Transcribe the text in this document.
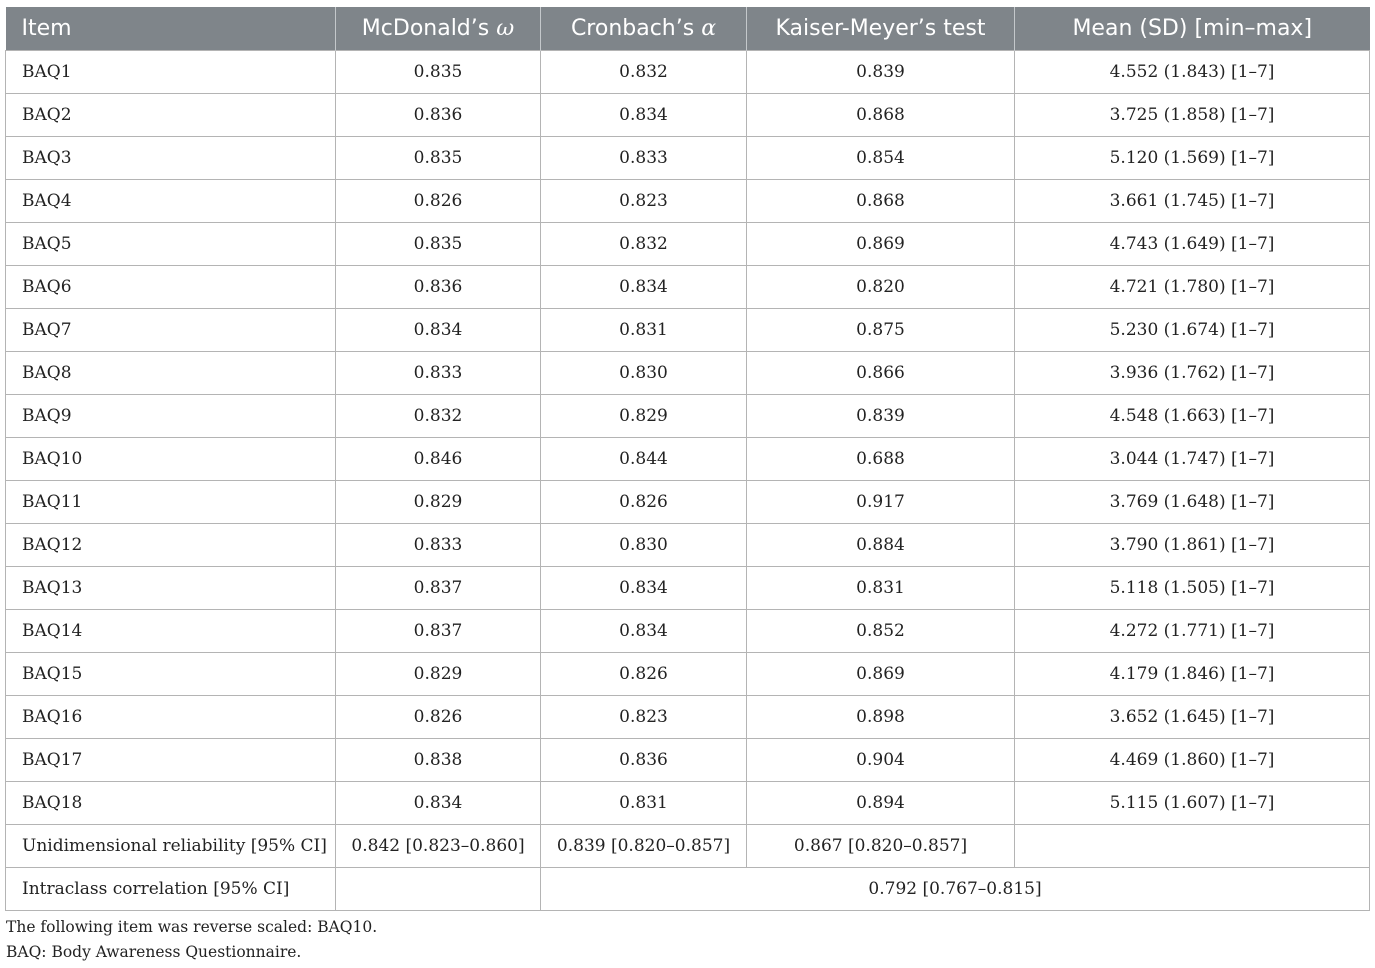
Item	McDonald’s ω	Cronbach’s α	Kaiser-Meyer’s test	Mean (SD) [min–max]
BAQ1	0.835	0.832	0.839	4.552 (1.843) [1–7]
BAQ2	0.836	0.834	0.868	3.725 (1.858) [1–7]
BAQ3	0.835	0.833	0.854	5.120 (1.569) [1–7]
BAQ4	0.826	0.823	0.868	3.661 (1.745) [1–7]
BAQ5	0.835	0.832	0.869	4.743 (1.649) [1–7]
BAQ6	0.836	0.834	0.820	4.721 (1.780) [1–7]
BAQ7	0.834	0.831	0.875	5.230 (1.674) [1–7]
BAQ8	0.833	0.830	0.866	3.936 (1.762) [1–7]
BAQ9	0.832	0.829	0.839	4.548 (1.663) [1–7]
BAQ10	0.846	0.844	0.688	3.044 (1.747) [1–7]
BAQ11	0.829	0.826	0.917	3.769 (1.648) [1–7]
BAQ12	0.833	0.830	0.884	3.790 (1.861) [1–7]
BAQ13	0.837	0.834	0.831	5.118 (1.505) [1–7]
BAQ14	0.837	0.834	0.852	4.272 (1.771) [1–7]
BAQ15	0.829	0.826	0.869	4.179 (1.846) [1–7]
BAQ16	0.826	0.823	0.898	3.652 (1.645) [1–7]
BAQ17	0.838	0.836	0.904	4.469 (1.860) [1–7]
BAQ18	0.834	0.831	0.894	5.115 (1.607) [1–7]
Unidimensional reliability [95% CI]	0.842 [0.823–0.860]	0.839 [0.820–0.857]	0.867 [0.820–0.857]	
Intraclass correlation [95% CI]		0.792 [0.767–0.815]		
The following item was reverse scaled: BAQ10.
BAQ: Body Awareness Questionnaire.
